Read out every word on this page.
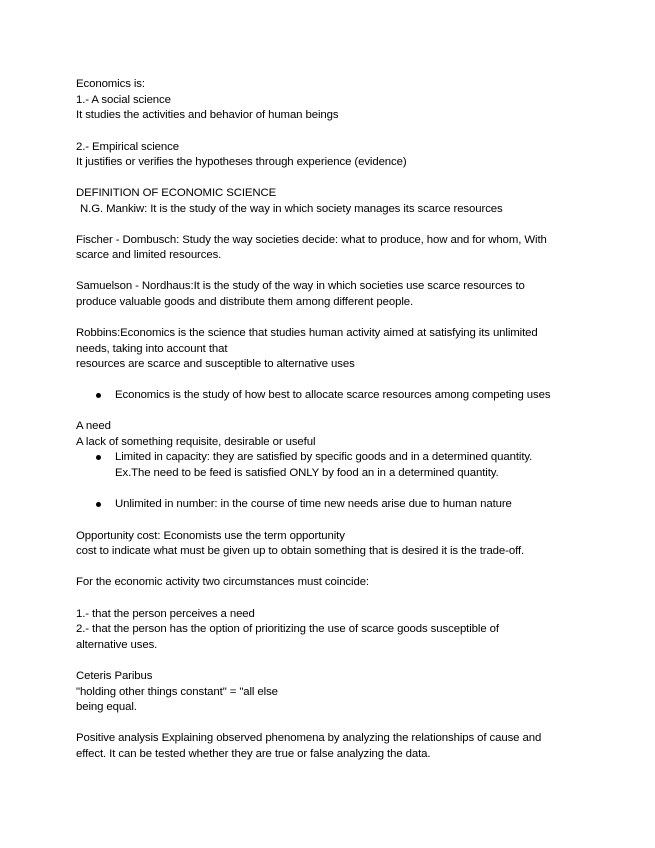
Economics is:
1.- A social science
It studies the activities and behavior of human beings
2.- Empirical science
It justifies or verifies the hypotheses through experience (evidence)
DEFINITION OF ECONOMIC SCIENCE
N.G. Mankiw: It is the study of the way in which society manages its scarce resources
Fischer - Dombusch: Study the way societies decide: what to produce, how and for whom, With
scarce and limited resources.
Samuelson - Nordhaus:It is the study of the way in which societies use scarce resources to
produce valuable goods and distribute them among different people.
Robbins:Economics is the science that studies human activity aimed at satisfying its unlimited
needs, taking into account that
resources are scarce and susceptible to alternative uses
Economics is the study of how best to allocate scarce resources among competing uses
A need
A lack of something requisite, desirable or useful
Limited in capacity: they are satisfied by specific goods and in a determined quantity.
Ex.The need to be feed is satisfied ONLY by food an in a determined quantity.
Unlimited in number: in the course of time new needs arise due to human nature
Opportunity cost: Economists use the term opportunity
cost to indicate what must be given up to obtain something that is desired it is the trade-off.
For the economic activity two circumstances must coincide:
1.- that the person perceives a need
2.- that the person has the option of prioritizing the use of scarce goods susceptible of
alternative uses.
Ceteris Paribus
"holding other things constant" = "all else
being equal.
Positive analysis Explaining observed phenomena by analyzing the relationships of cause and
effect. It can be tested whether they are true or false analyzing the data.
